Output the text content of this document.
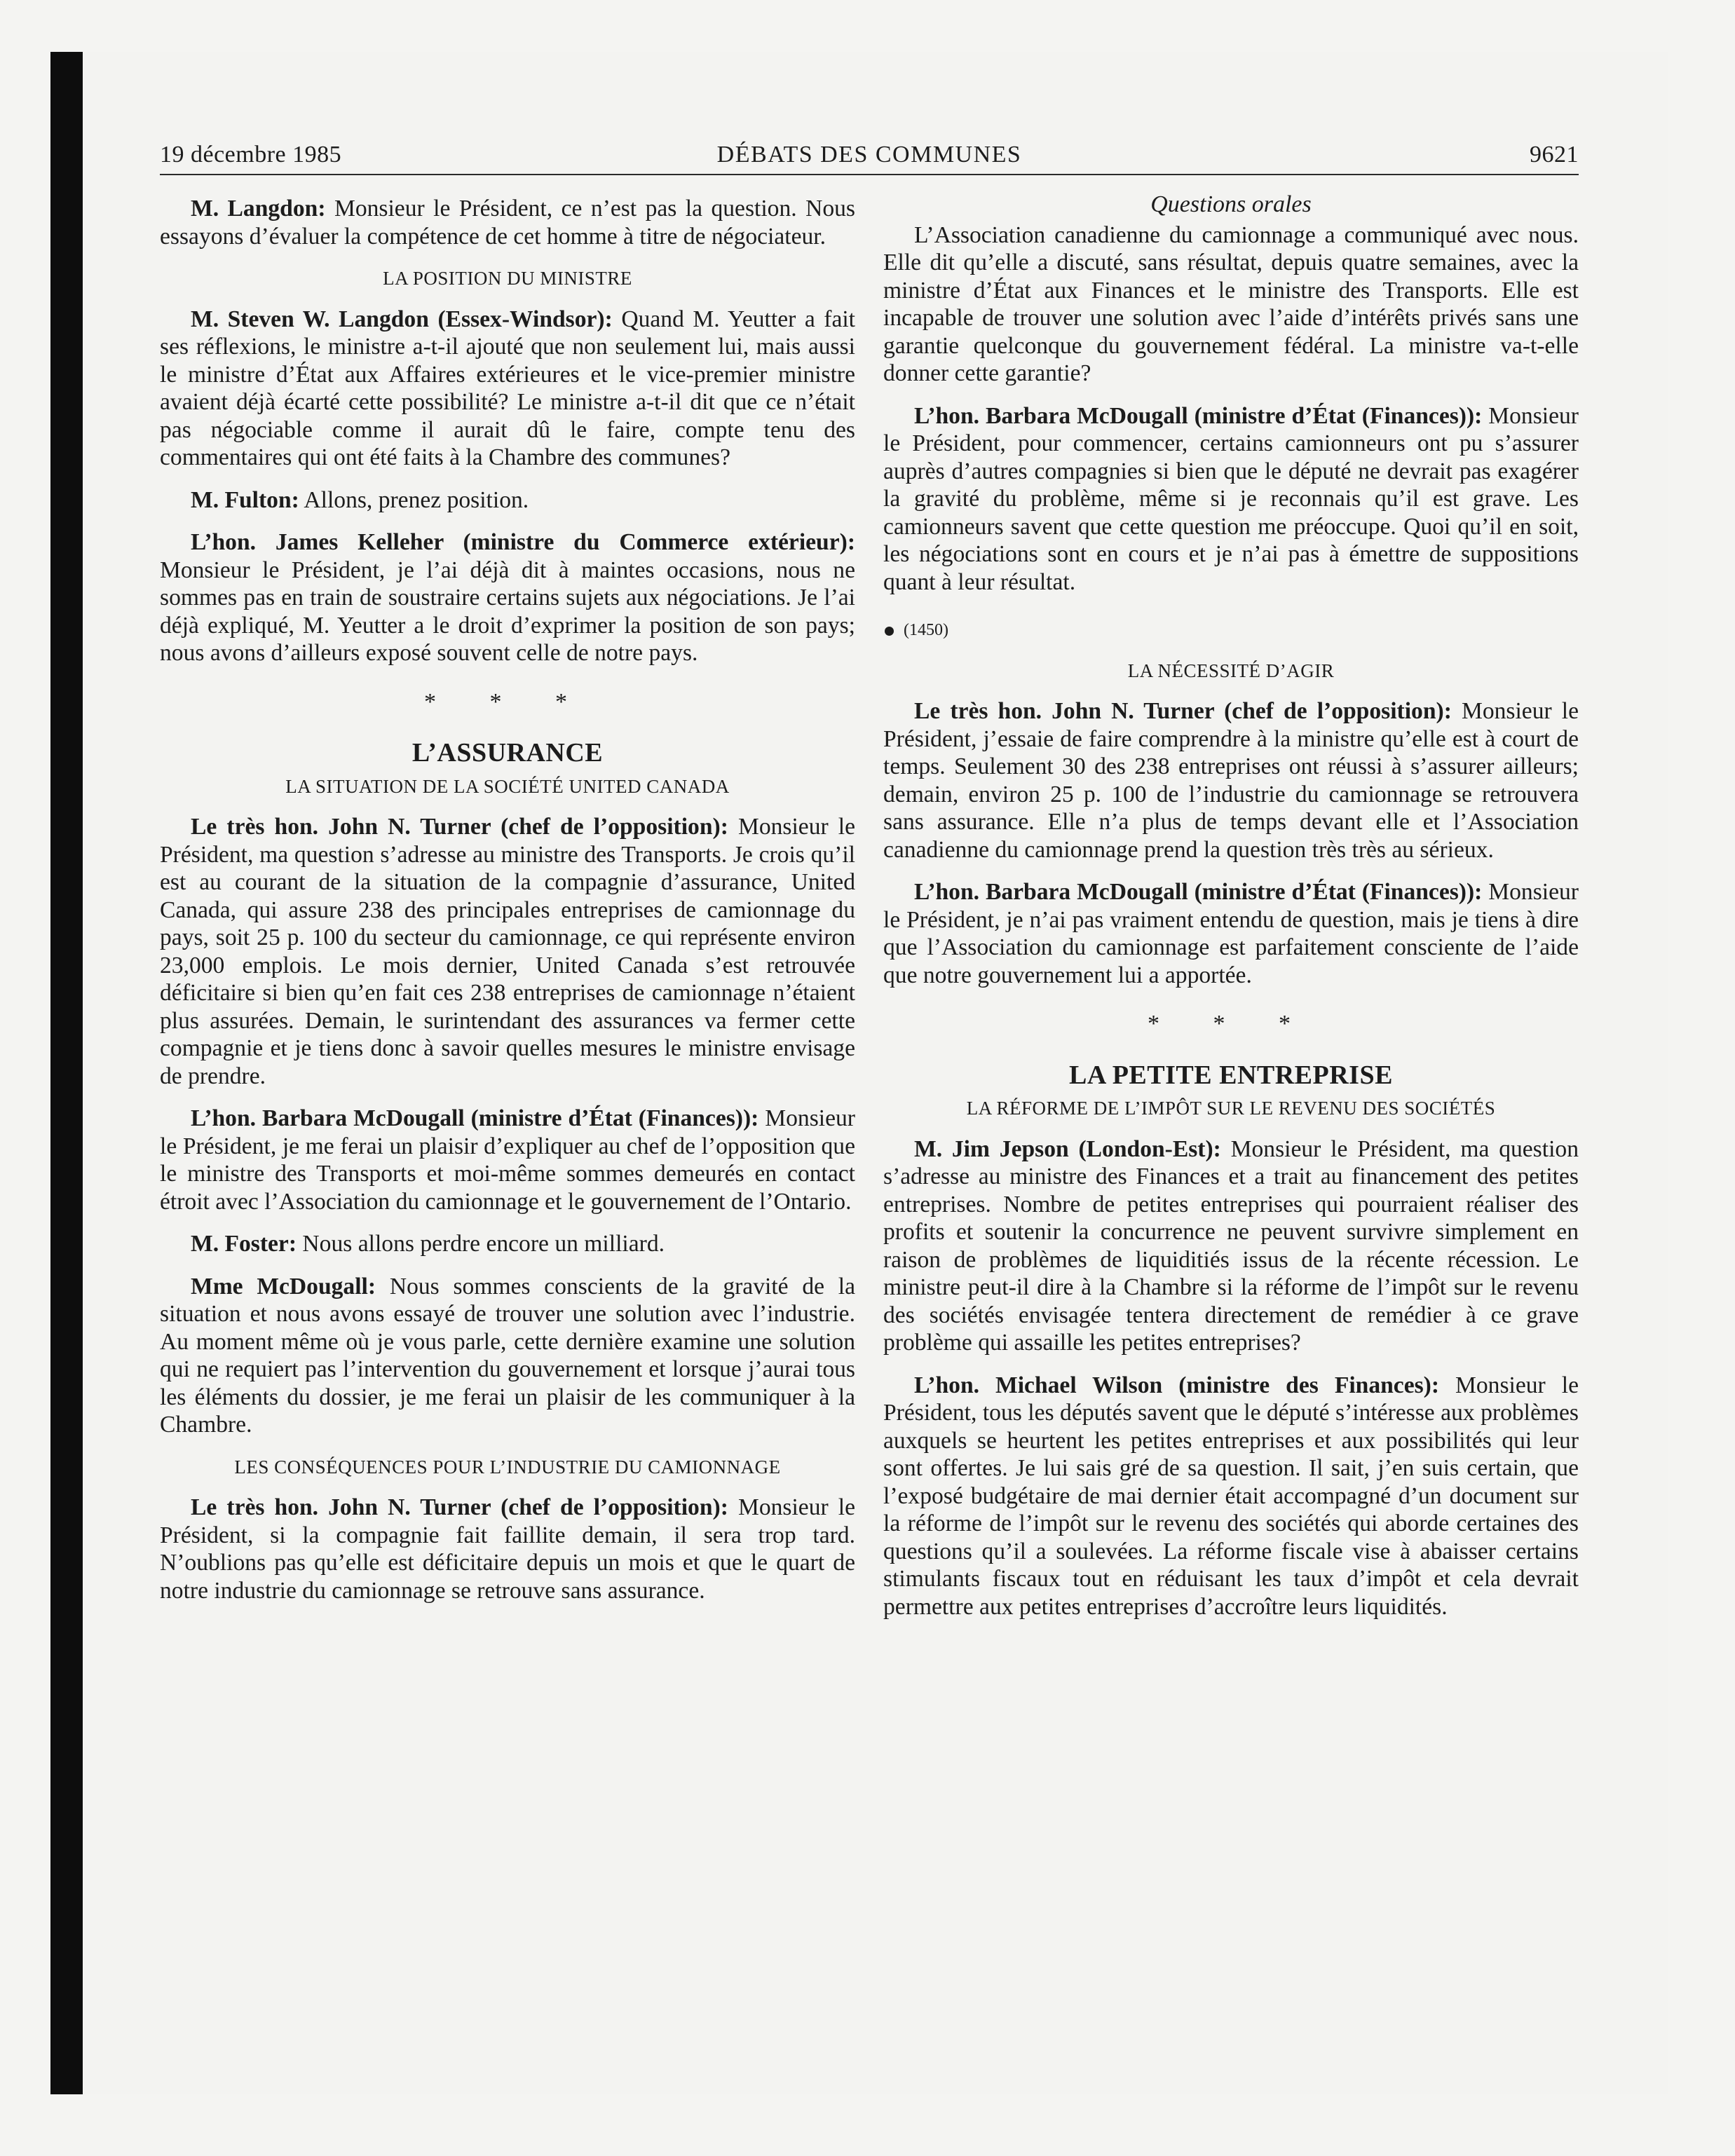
19 décembre 1985	DÉBATS DES COMMUNES	9621

M. Langdon: Monsieur le Président, ce n’est pas la question. Nous essayons d’évaluer la compétence de cet homme à titre de négociateur.

LA POSITION DU MINISTRE

M. Steven W. Langdon (Essex-Windsor): Quand M. Yeutter a fait ses réflexions, le ministre a-t-il ajouté que non seulement lui, mais aussi le ministre d’État aux Affaires extérieures et le vice-premier ministre avaient déjà écarté cette possibilité? Le ministre a-t-il dit que ce n’était pas négociable comme il aurait dû le faire, compte tenu des commentaires qui ont été faits à la Chambre des communes?

M. Fulton: Allons, prenez position.

L’hon. James Kelleher (ministre du Commerce extérieur): Monsieur le Président, je l’ai déjà dit à maintes occasions, nous ne sommes pas en train de soustraire certains sujets aux négociations. Je l’ai déjà expliqué, M. Yeutter a le droit d’exprimer la position de son pays; nous avons d’ailleurs exposé souvent celle de notre pays.

* * *
L’ASSURANCE
LA SITUATION DE LA SOCIÉTÉ UNITED CANADA

Le très hon. John N. Turner (chef de l’opposition): Monsieur le Président, ma question s’adresse au ministre des Transports. Je crois qu’il est au courant de la situation de la compagnie d’assurance, United Canada, qui assure 238 des principales entreprises de camionnage du pays, soit 25 p. 100 du secteur du camionnage, ce qui représente environ 23,000 emplois. Le mois dernier, United Canada s’est retrouvée déficitaire si bien qu’en fait ces 238 entreprises de camionnage n’étaient plus assurées. Demain, le surintendant des assurances va fermer cette compagnie et je tiens donc à savoir quelles mesures le ministre envisage de prendre.

L’hon. Barbara McDougall (ministre d’État (Finances)): Monsieur le Président, je me ferai un plaisir d’expliquer au chef de l’opposition que le ministre des Transports et moi-même sommes demeurés en contact étroit avec l’Association du camionnage et le gouvernement de l’Ontario.

M. Foster: Nous allons perdre encore un milliard.

Mme McDougall: Nous sommes conscients de la gravité de la situation et nous avons essayé de trouver une solution avec l’industrie. Au moment même où je vous parle, cette dernière examine une solution qui ne requiert pas l’intervention du gouvernement et lorsque j’aurai tous les éléments du dossier, je me ferai un plaisir de les communiquer à la Chambre.

LES CONSÉQUENCES POUR L’INDUSTRIE DU CAMIONNAGE

Le très hon. John N. Turner (chef de l’opposition): Monsieur le Président, si la compagnie fait faillite demain, il sera trop tard. N’oublions pas qu’elle est déficitaire depuis un mois et que le quart de notre industrie du camionnage se retrouve sans assurance.

Questions orales

L’Association canadienne du camionnage a communiqué avec nous. Elle dit qu’elle a discuté, sans résultat, depuis quatre semaines, avec la ministre d’État aux Finances et le ministre des Transports. Elle est incapable de trouver une solution avec l’aide d’intérêts privés sans une garantie quelconque du gouvernement fédéral. La ministre va-t-elle donner cette garantie?

L’hon. Barbara McDougall (ministre d’État (Finances)): Monsieur le Président, pour commencer, certains camionneurs ont pu s’assurer auprès d’autres compagnies si bien que le député ne devrait pas exagérer la gravité du problème, même si je reconnais qu’il est grave. Les camionneurs savent que cette question me préoccupe. Quoi qu’il en soit, les négociations sont en cours et je n’ai pas à émettre de suppositions quant à leur résultat.

(1450)
LA NÉCESSITÉ D’AGIR

Le très hon. John N. Turner (chef de l’opposition): Monsieur le Président, j’essaie de faire comprendre à la ministre qu’elle est à court de temps. Seulement 30 des 238 entreprises ont réussi à s’assurer ailleurs; demain, environ 25 p. 100 de l’industrie du camionnage se retrouvera sans assurance. Elle n’a plus de temps devant elle et l’Association canadienne du camionnage prend la question très très au sérieux.

L’hon. Barbara McDougall (ministre d’État (Finances)): Monsieur le Président, je n’ai pas vraiment entendu de question, mais je tiens à dire que l’Association du camionnage est parfaitement consciente de l’aide que notre gouvernement lui a apportée.

* * *
LA PETITE ENTREPRISE
LA RÉFORME DE L’IMPÔT SUR LE REVENU DES SOCIÉTÉS

M. Jim Jepson (London-Est): Monsieur le Président, ma question s’adresse au ministre des Finances et a trait au financement des petites entreprises. Nombre de petites entreprises qui pourraient réaliser des profits et soutenir la concurrence ne peuvent survivre simplement en raison de problèmes de liquiditiés issus de la récente récession. Le ministre peut-il dire à la Chambre si la réforme de l’impôt sur le revenu des sociétés envisagée tentera directement de remédier à ce grave problème qui assaille les petites entreprises?

L’hon. Michael Wilson (ministre des Finances): Monsieur le Président, tous les députés savent que le député s’intéresse aux problèmes auxquels se heurtent les petites entreprises et aux possibilités qui leur sont offertes. Je lui sais gré de sa question. Il sait, j’en suis certain, que l’exposé budgétaire de mai dernier était accompagné d’un document sur la réforme de l’impôt sur le revenu des sociétés qui aborde certaines des questions qu’il a soulevées. La réforme fiscale vise à abaisser certains stimulants fiscaux tout en réduisant les taux d’impôt et cela devrait permettre aux petites entreprises d’accroître leurs liquidités.
